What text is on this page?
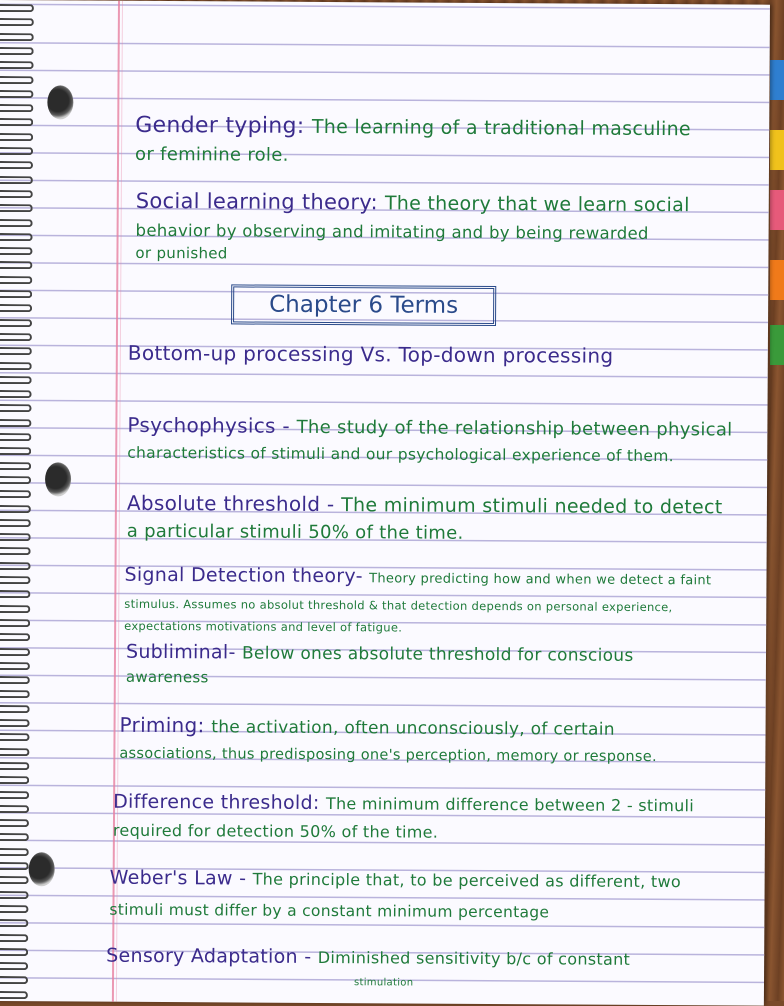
Gender typing: The learning of a traditional masculine
or feminine role.
Social learning theory: The theory that we learn social
behavior by observing and imitating and by being rewarded
or punished
Chapter 6 Terms
Bottom-up processing Vs. Top-down processing
Psychophysics - The study of the relationship between physical
characteristics of stimuli and our psychological experience of them.
Absolute threshold - The minimum stimuli needed to detect
a particular stimuli 50% of the time.
Signal Detection theory- Theory predicting how and when we detect a faint
stimulus. Assumes no absolut threshold & that detection depends on personal experience,
expectations motivations and level of fatigue.
Subliminal- Below ones absolute threshold for conscious
awareness
Priming: the activation, often unconsciously, of certain
associations, thus predisposing one's perception, memory or response.
Difference threshold: The minimum difference between 2 - stimuli
required for detection 50% of the time.
Weber's Law - The principle that, to be perceived as different, two
stimuli must differ by a constant minimum percentage
Sensory Adaptation - Diminished sensitivity b/c of constant
stimulation
